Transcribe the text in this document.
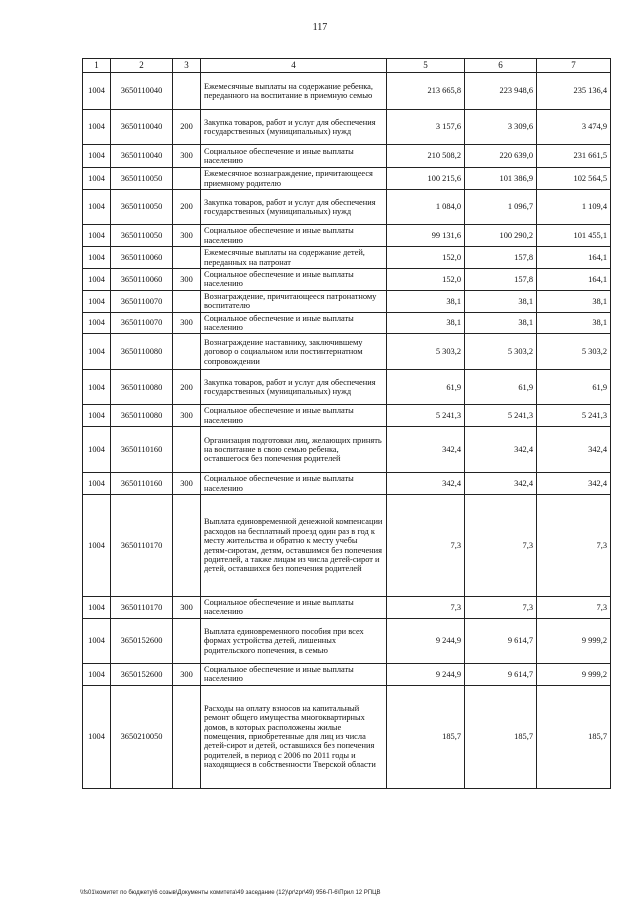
117
1	2	3	4	5	6	7
1004	3650110040		Ежемесячные выплаты на содержание ребенка, переданного на воспитание в приемную семью	213 665,8	223 948,6	235 136,4
1004	3650110040	200	Закупка товаров, работ и услуг для обеспечения государственных (муниципальных) нужд	3 157,6	3 309,6	3 474,9
1004	3650110040	300	Социальное обеспечение и иные выплаты населению	210 508,2	220 639,0	231 661,5
1004	3650110050		Ежемесячное вознаграждение, причитающееся приемному родителю	100 215,6	101 386,9	102 564,5
1004	3650110050	200	Закупка товаров, работ и услуг для обеспечения государственных (муниципальных) нужд	1 084,0	1 096,7	1 109,4
1004	3650110050	300	Социальное обеспечение и иные выплаты населению	99 131,6	100 290,2	101 455,1
1004	3650110060		Ежемесячные выплаты на содержание детей, переданных на патронат	152,0	157,8	164,1
1004	3650110060	300	Социальное обеспечение и иные выплаты населению	152,0	157,8	164,1
1004	3650110070		Вознаграждение, причитающееся патронатному воспитателю	38,1	38,1	38,1
1004	3650110070	300	Социальное обеспечение и иные выплаты населению	38,1	38,1	38,1
1004	3650110080		Вознаграждение наставнику, заключившему договор о социальном или постинтернатном сопровождении	5 303,2	5 303,2	5 303,2
1004	3650110080	200	Закупка товаров, работ и услуг для обеспечения государственных (муниципальных) нужд	61,9	61,9	61,9
1004	3650110080	300	Социальное обеспечение и иные выплаты населению	5 241,3	5 241,3	5 241,3
1004	3650110160		Организация подготовки лиц, желающих принять на воспитание в свою семью ребенка, оставшегося без попечения родителей	342,4	342,4	342,4
1004	3650110160	300	Социальное обеспечение и иные выплаты населению	342,4	342,4	342,4
1004	3650110170		Выплата единовременной денежной компенсации расходов на бесплатный проезд один раз в год к месту жительства и обратно к месту учебы детям-сиротам, детям, оставшимся без попечения родителей, а также лицам из числа детей-сирот и детей, оставшихся без попечения родителей	7,3	7,3	7,3
1004	3650110170	300	Социальное обеспечение и иные выплаты населению	7,3	7,3	7,3
1004	3650152600		Выплата единовременного пособия при всех формах устройства детей, лишенных родительского попечения, в семью	9 244,9	9 614,7	9 999,2
1004	3650152600	300	Социальное обеспечение и иные выплаты населению	9 244,9	9 614,7	9 999,2
1004	3650210050		Расходы на оплату взносов на капитальный ремонт общего имущества многоквартирных домов, в которых расположены жилые помещения, приобретенные для лиц из числа детей-сирот и детей, оставшихся без попечения родителей, в период с 2006 по 2011 годы и находящиеся в собственности Тверской области	185,7	185,7	185,7
\\fs01\комитет по бюджету\6 созыв\Документы комитета\49 заседание (12)\pr\zpr\49) 956-П-6\Прил 12 РПЦВ
